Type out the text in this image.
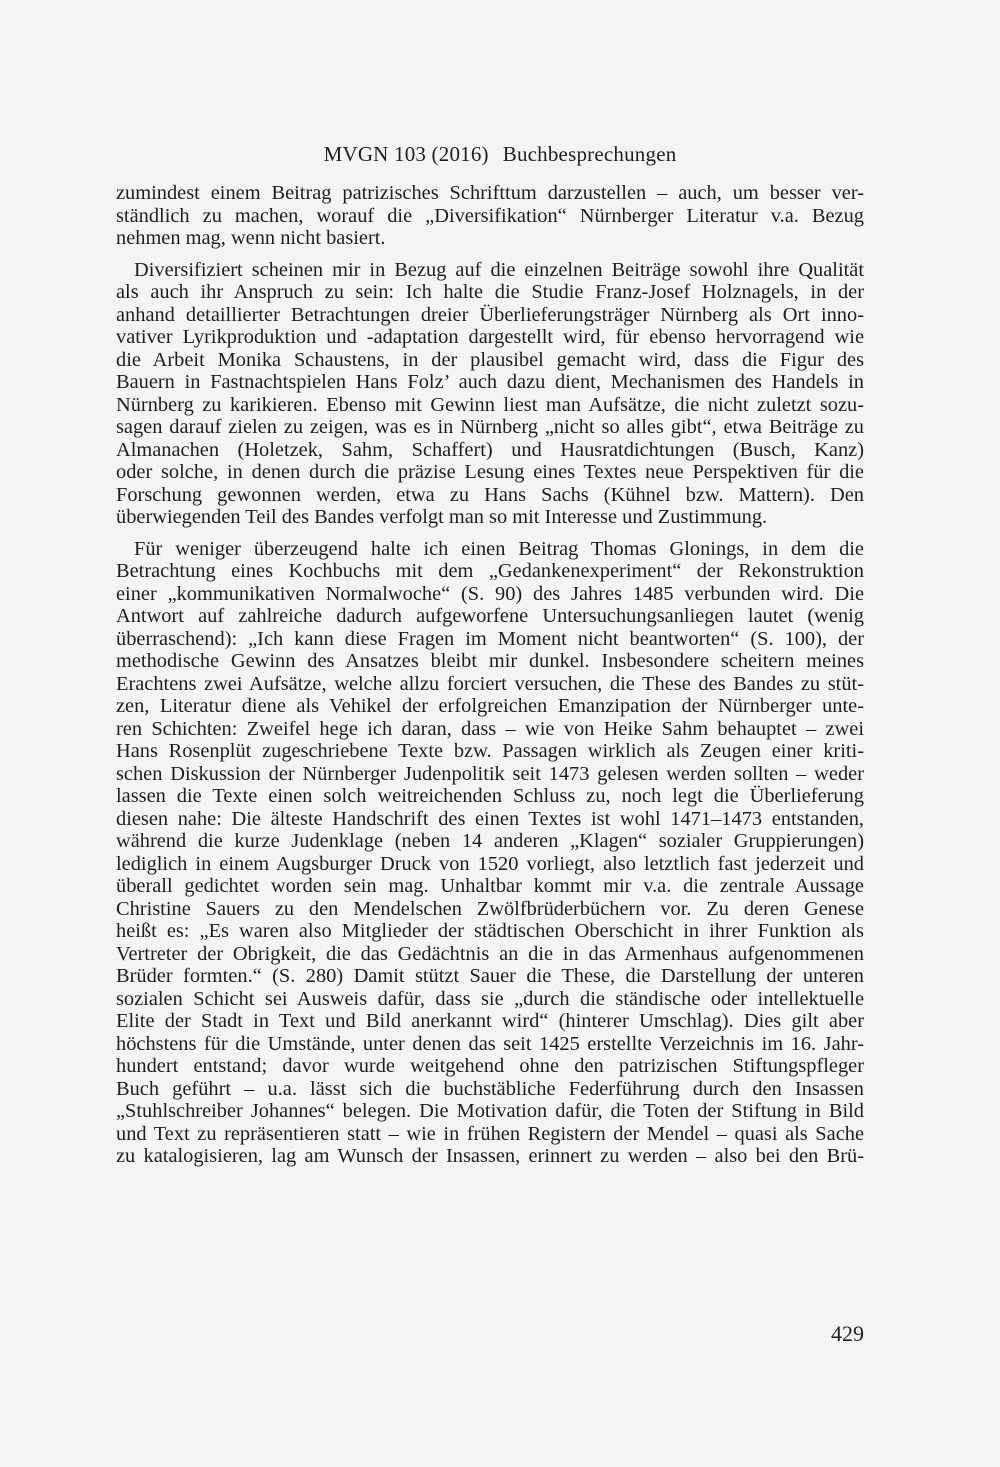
MVGN 103 (2016) Buchbesprechungen
zumindest einem Beitrag patrizisches Schrifttum darzustellen – auch, um besser ver-
ständlich zu machen, worauf die „Diversifikation“ Nürnberger Literatur v.a. Bezug
nehmen mag, wenn nicht basiert.
Diversifiziert scheinen mir in Bezug auf die einzelnen Beiträge sowohl ihre Qualität
als auch ihr Anspruch zu sein: Ich halte die Studie Franz-Josef Holznagels, in der
anhand detaillierter Betrachtungen dreier Überlieferungsträger Nürnberg als Ort inno-
vativer Lyrikproduktion und -adaptation dargestellt wird, für ebenso hervorragend wie
die Arbeit Monika Schaustens, in der plausibel gemacht wird, dass die Figur des
Bauern in Fastnachtspielen Hans Folz’ auch dazu dient, Mechanismen des Handels in
Nürnberg zu karikieren. Ebenso mit Gewinn liest man Aufsätze, die nicht zuletzt sozu-
sagen darauf zielen zu zeigen, was es in Nürnberg „nicht so alles gibt“, etwa Beiträge zu
Almanachen (Holetzek, Sahm, Schaffert) und Hausratdichtungen (Busch, Kanz)
oder solche, in denen durch die präzise Lesung eines Textes neue Perspektiven für die
Forschung gewonnen werden, etwa zu Hans Sachs (Kühnel bzw. Mattern). Den
überwiegenden Teil des Bandes verfolgt man so mit Interesse und Zustimmung.
Für weniger überzeugend halte ich einen Beitrag Thomas Glonings, in dem die
Betrachtung eines Kochbuchs mit dem „Gedankenexperiment“ der Rekonstruktion
einer „kommunikativen Normalwoche“ (S. 90) des Jahres 1485 verbunden wird. Die
Antwort auf zahlreiche dadurch aufgeworfene Untersuchungsanliegen lautet (wenig
überraschend): „Ich kann diese Fragen im Moment nicht beantworten“ (S. 100), der
methodische Gewinn des Ansatzes bleibt mir dunkel. Insbesondere scheitern meines
Erachtens zwei Aufsätze, welche allzu forciert versuchen, die These des Bandes zu stüt-
zen, Literatur diene als Vehikel der erfolgreichen Emanzipation der Nürnberger unte-
ren Schichten: Zweifel hege ich daran, dass – wie von Heike Sahm behauptet – zwei
Hans Rosenplüt zugeschriebene Texte bzw. Passagen wirklich als Zeugen einer kriti-
schen Diskussion der Nürnberger Judenpolitik seit 1473 gelesen werden sollten – weder
lassen die Texte einen solch weitreichenden Schluss zu, noch legt die Überlieferung
diesen nahe: Die älteste Handschrift des einen Textes ist wohl 1471–1473 entstanden,
während die kurze Judenklage (neben 14 anderen „Klagen“ sozialer Gruppierungen)
lediglich in einem Augsburger Druck von 1520 vorliegt, also letztlich fast jederzeit und
überall gedichtet worden sein mag. Unhaltbar kommt mir v.a. die zentrale Aussage
Christine Sauers zu den Mendelschen Zwölfbrüderbüchern vor. Zu deren Genese
heißt es: „Es waren also Mitglieder der städtischen Oberschicht in ihrer Funktion als
Vertreter der Obrigkeit, die das Gedächtnis an die in das Armenhaus aufgenommenen
Brüder formten.“ (S. 280) Damit stützt Sauer die These, die Darstellung der unteren
sozialen Schicht sei Ausweis dafür, dass sie „durch die ständische oder intellektuelle
Elite der Stadt in Text und Bild anerkannt wird“ (hinterer Umschlag). Dies gilt aber
höchstens für die Umstände, unter denen das seit 1425 erstellte Verzeichnis im 16. Jahr-
hundert entstand; davor wurde weitgehend ohne den patrizischen Stiftungspfleger
Buch geführt – u.a. lässt sich die buchstäbliche Federführung durch den Insassen
„Stuhlschreiber Johannes“ belegen. Die Motivation dafür, die Toten der Stiftung in Bild
und Text zu repräsentieren statt – wie in frühen Registern der Mendel – quasi als Sache
zu katalogisieren, lag am Wunsch der Insassen, erinnert zu werden – also bei den Brü-
429
